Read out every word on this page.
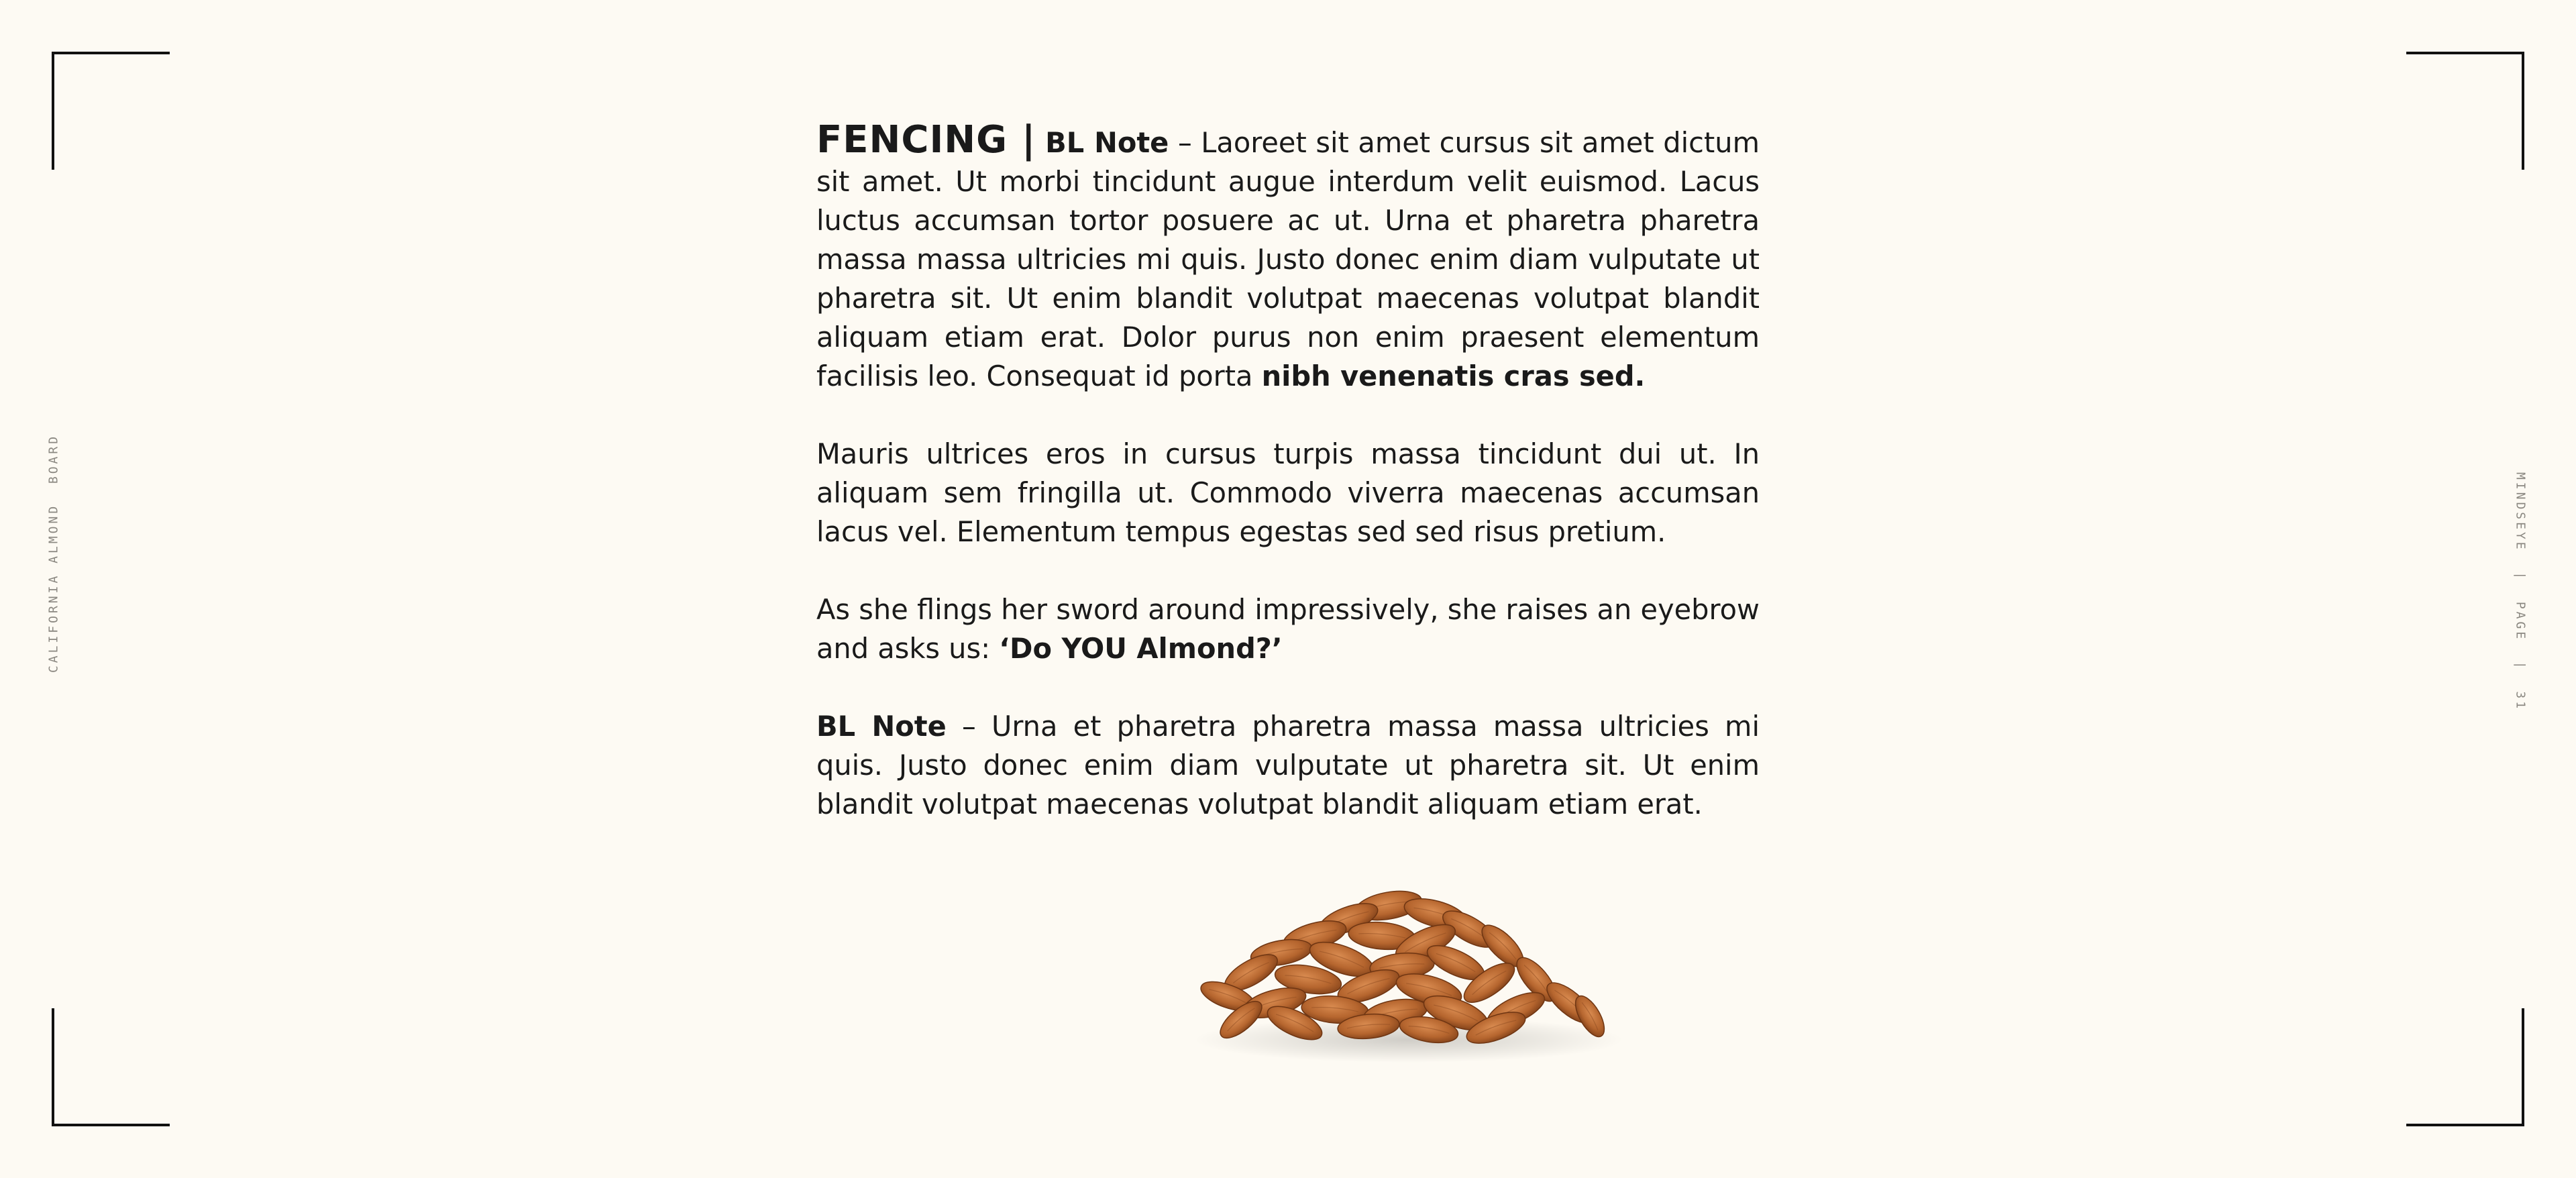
CALIFORNIA ALMOND  BOARD	MINDSEYE  |  PAGE  |  31

FENCING | BL Note – Laoreet sit amet cursus sit amet dictum sit amet. Ut morbi tincidunt augue interdum velit euismod. Lacus luctus accumsan tortor posuere ac ut. Urna et pharetra pharetra massa massa ultricies mi quis. Justo donec enim diam vulputate ut pharetra sit. Ut enim blandit volutpat maecenas volutpat blandit aliquam etiam erat. Dolor purus non enim praesent elementum facilisis leo. Consequat id porta nibh venenatis cras sed.

Mauris ultrices eros in cursus turpis massa tincidunt dui ut. In aliquam sem fringilla ut. Commodo viverra maecenas accumsan lacus vel. Elementum tempus egestas sed sed risus pretium.

As she flings her sword around impressively, she raises an eyebrow and asks us: ‘Do YOU Almond?’

BL Note – Urna et pharetra pharetra massa massa ultricies mi quis. Justo donec enim diam vulputate ut pharetra sit. Ut enim blandit volutpat maecenas volutpat blandit aliquam etiam erat.
